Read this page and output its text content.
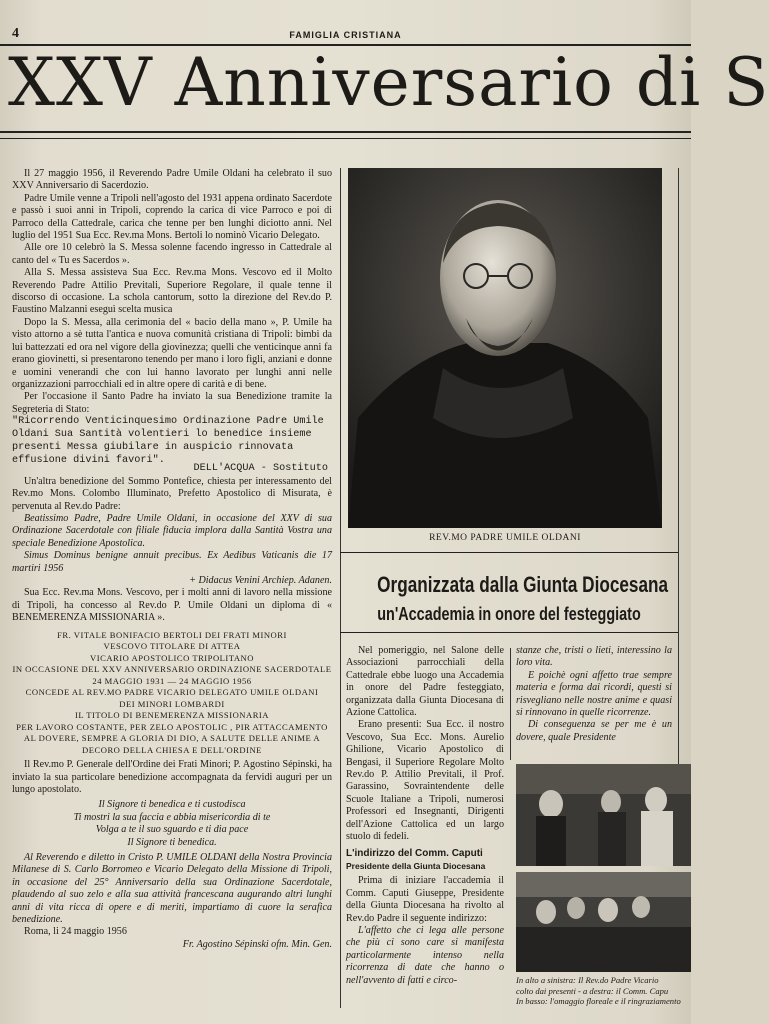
4	FAMIGLIA CRISTIANA
XXV Anniversario di S

Il 27 maggio 1956, il Reverendo Padre Umile Oldani ha celebrato il suo XXV Anniversario di Sacerdozio.

Padre Umile venne a Tripoli nell'agosto del 1931 appena ordinato Sacerdote e passò i suoi anni in Tripoli, coprendo la carica di vice Parroco e poi di Parroco della Cattedrale, carica che tenne per ben lunghi diciotto anni. Nel luglio del 1951 Sua Ecc. Rev.ma Mons. Bertoli lo nominò Vicario Delegato.

Alle ore 10 celebrò la S. Messa solenne facendo ingresso in Cattedrale al canto del « Tu es Sacerdos ».

Alla S. Messa assisteva Sua Ecc. Rev.ma Mons. Vescovo ed il Molto Reverendo Padre Attilio Previtali, Superiore Regolare, il quale tenne il discorso di occasione. La schola cantorum, sotto la direzione del Rev.do P. Faustino Malzanni eseguì scelta musica

Dopo la S. Messa, alla cerimonia del « bacio della mano », P. Umile ha visto attorno a sè tutta l'antica e nuova comunità cristiana di Tripoli: bimbi da lui battezzati ed ora nel vigore della giovinezza; quelli che venticinque anni fa erano giovinetti, si presentarono tenendo per mano i loro figli, anziani e donne e uomini venerandi che con lui hanno lavorato per lunghi anni nelle organizzazioni parrocchiali ed in altre opere di carità e di bene.

Per l'occasione il Santo Padre ha inviato la sua Benedizione tramite la Segreteria di Stato:

"Ricorrendo Venticinquesimo Ordinazione Padre Umile Oldani Sua Santità volentieri lo benedice insieme presenti Messa giubilare in auspicio rinnovata effusione divini favori".

DELL'ACQUA - Sostituto

Un'altra benedizione del Sommo Pontefice, chiesta per interessamento del Rev.mo Mons. Colombo Illuminato, Prefetto Apostolico di Misurata, è pervenuta al Rev.do Padre:

Beatissimo Padre, Padre Umile Oldani, in occasione del XXV di sua Ordinazione Sacerdotale con filiale fiducia implora dalla Santità Vostra una speciale Benedizione Apostolica.

Simus Dominus benigne annuit precibus. Ex Aedibus Vaticanis die 17 martiri 1956

+ Didacus Venini Archiep. Adanen.

Sua Ecc. Rev.ma Mons. Vescovo, per i molti anni di lavoro nella missione di Tripoli, ha concesso al Rev.do P. Umile Oldani un diploma di « BENEMERENZA MISSIONARIA ».

FR. VITALE BONIFACIO BERTOLI DEI FRATI MINORI
VESCOVO TITOLARE DI ATTEA
VICARIO APOSTOLICO TRIPOLITANO
IN OCCASIONE DEL XXV ANNIVERSARIO ORDINAZIONE SACERDOTALE
24 MAGGIO 1931 — 24 MAGGIO 1956
CONCEDE AL REV.MO PADRE VICARIO DELEGATO UMILE OLDANI
DEI MINORI LOMBARDI
IL TITOLO DI BENEMERENZA MISSIONARIA
PER LAVORO COSTANTE, PER ZELO APOSTOLIC , PIR ATTACCAMENTO AL DOVERE, SEMPRE A GLORIA DI DIO, A SALUTE DELLE ANIME A DECORO DELLA CHIESA E DELL'ORDINE

Il Rev.mo P. Generale dell'Ordine dei Frati Minori; P. Agostino Sépinski, ha inviato la sua particolare benedizione accompagnata da fervidi auguri per un lungo apostolato.

Il Signore ti benedica e ti custodisca

Ti mostri la sua faccia e abbia misericordia di te

Volga a te il suo sguardo e ti dia pace

Il Signore ti benedica.

Al Reverendo e diletto in Cristo P. UMILE OLDANI della Nostra Provincia Milanese di S. Carlo Borromeo e Vicario Delegato della Missione di Tripoli, in occasione del 25° Anniversario della sua Ordinazione Sacerdotale, plaudendo al suo zelo e alla sua attività francescana augurando altri lunghi anni di vita ricca di opere e di meriti, impartiamo di cuore la serafica benedizione.

Roma, li 24 maggio 1956

Fr. Agostino Sépinski ofm. Min. Gen.

REV.MO PADRE UMILE OLDANI
Organizzata dalla Giunta Diocesana
un'Accademia in onore del festeggiato

Nel pomeriggio, nel Salone delle Associazioni parrocchiali della Cattedrale ebbe luogo una Accademia in onore del Padre festeggiato, organizzata dalla Giunta Diocesana di Azione Cattolica.

Erano presenti: Sua Ecc. il nostro Vescovo, Sua Ecc. Mons. Aurelio Ghilione, Vicario Apostolico di Bengasi, il Superiore Regolare Molto Rev.do P. Attilio Previtali, il Prof. Garassino, Sovraintendente delle Scuole Italiane a Tripoli, numerosi Professori ed Insegnanti, Dirigenti dell'Azione Cattolica ed un largo stuolo di fedeli.

L'indirizzo del Comm. Caputi

Presidente della Giunta Diocesana

Prima di iniziare l'accademia il Comm. Caputi Giuseppe, Presidente della Giunta Diocesana ha rivolto al Rev.do Padre il seguente indirizzo:

L'affetto che ci lega alle persone che più ci sono care si manifesta particolarmente intenso nella ricorrenza di date che hanno o nell'avvento di fatti e circo-

stanze che, tristi o lieti, interessino la loro vita.

E poichè ogni affetto trae sempre materia e forma dai ricordi, questi si risvegliano nelle nostre anime e quasi si rinnovano in quelle ricorrenze.

Di conseguenza se per me è un dovere, quale Presidente

In alto a sinistra: Il Rev.do Padre Vicario
colto dai presenti - a destra: il Comm. Capu
In basso: l'omaggio floreale e il ringraziamento
